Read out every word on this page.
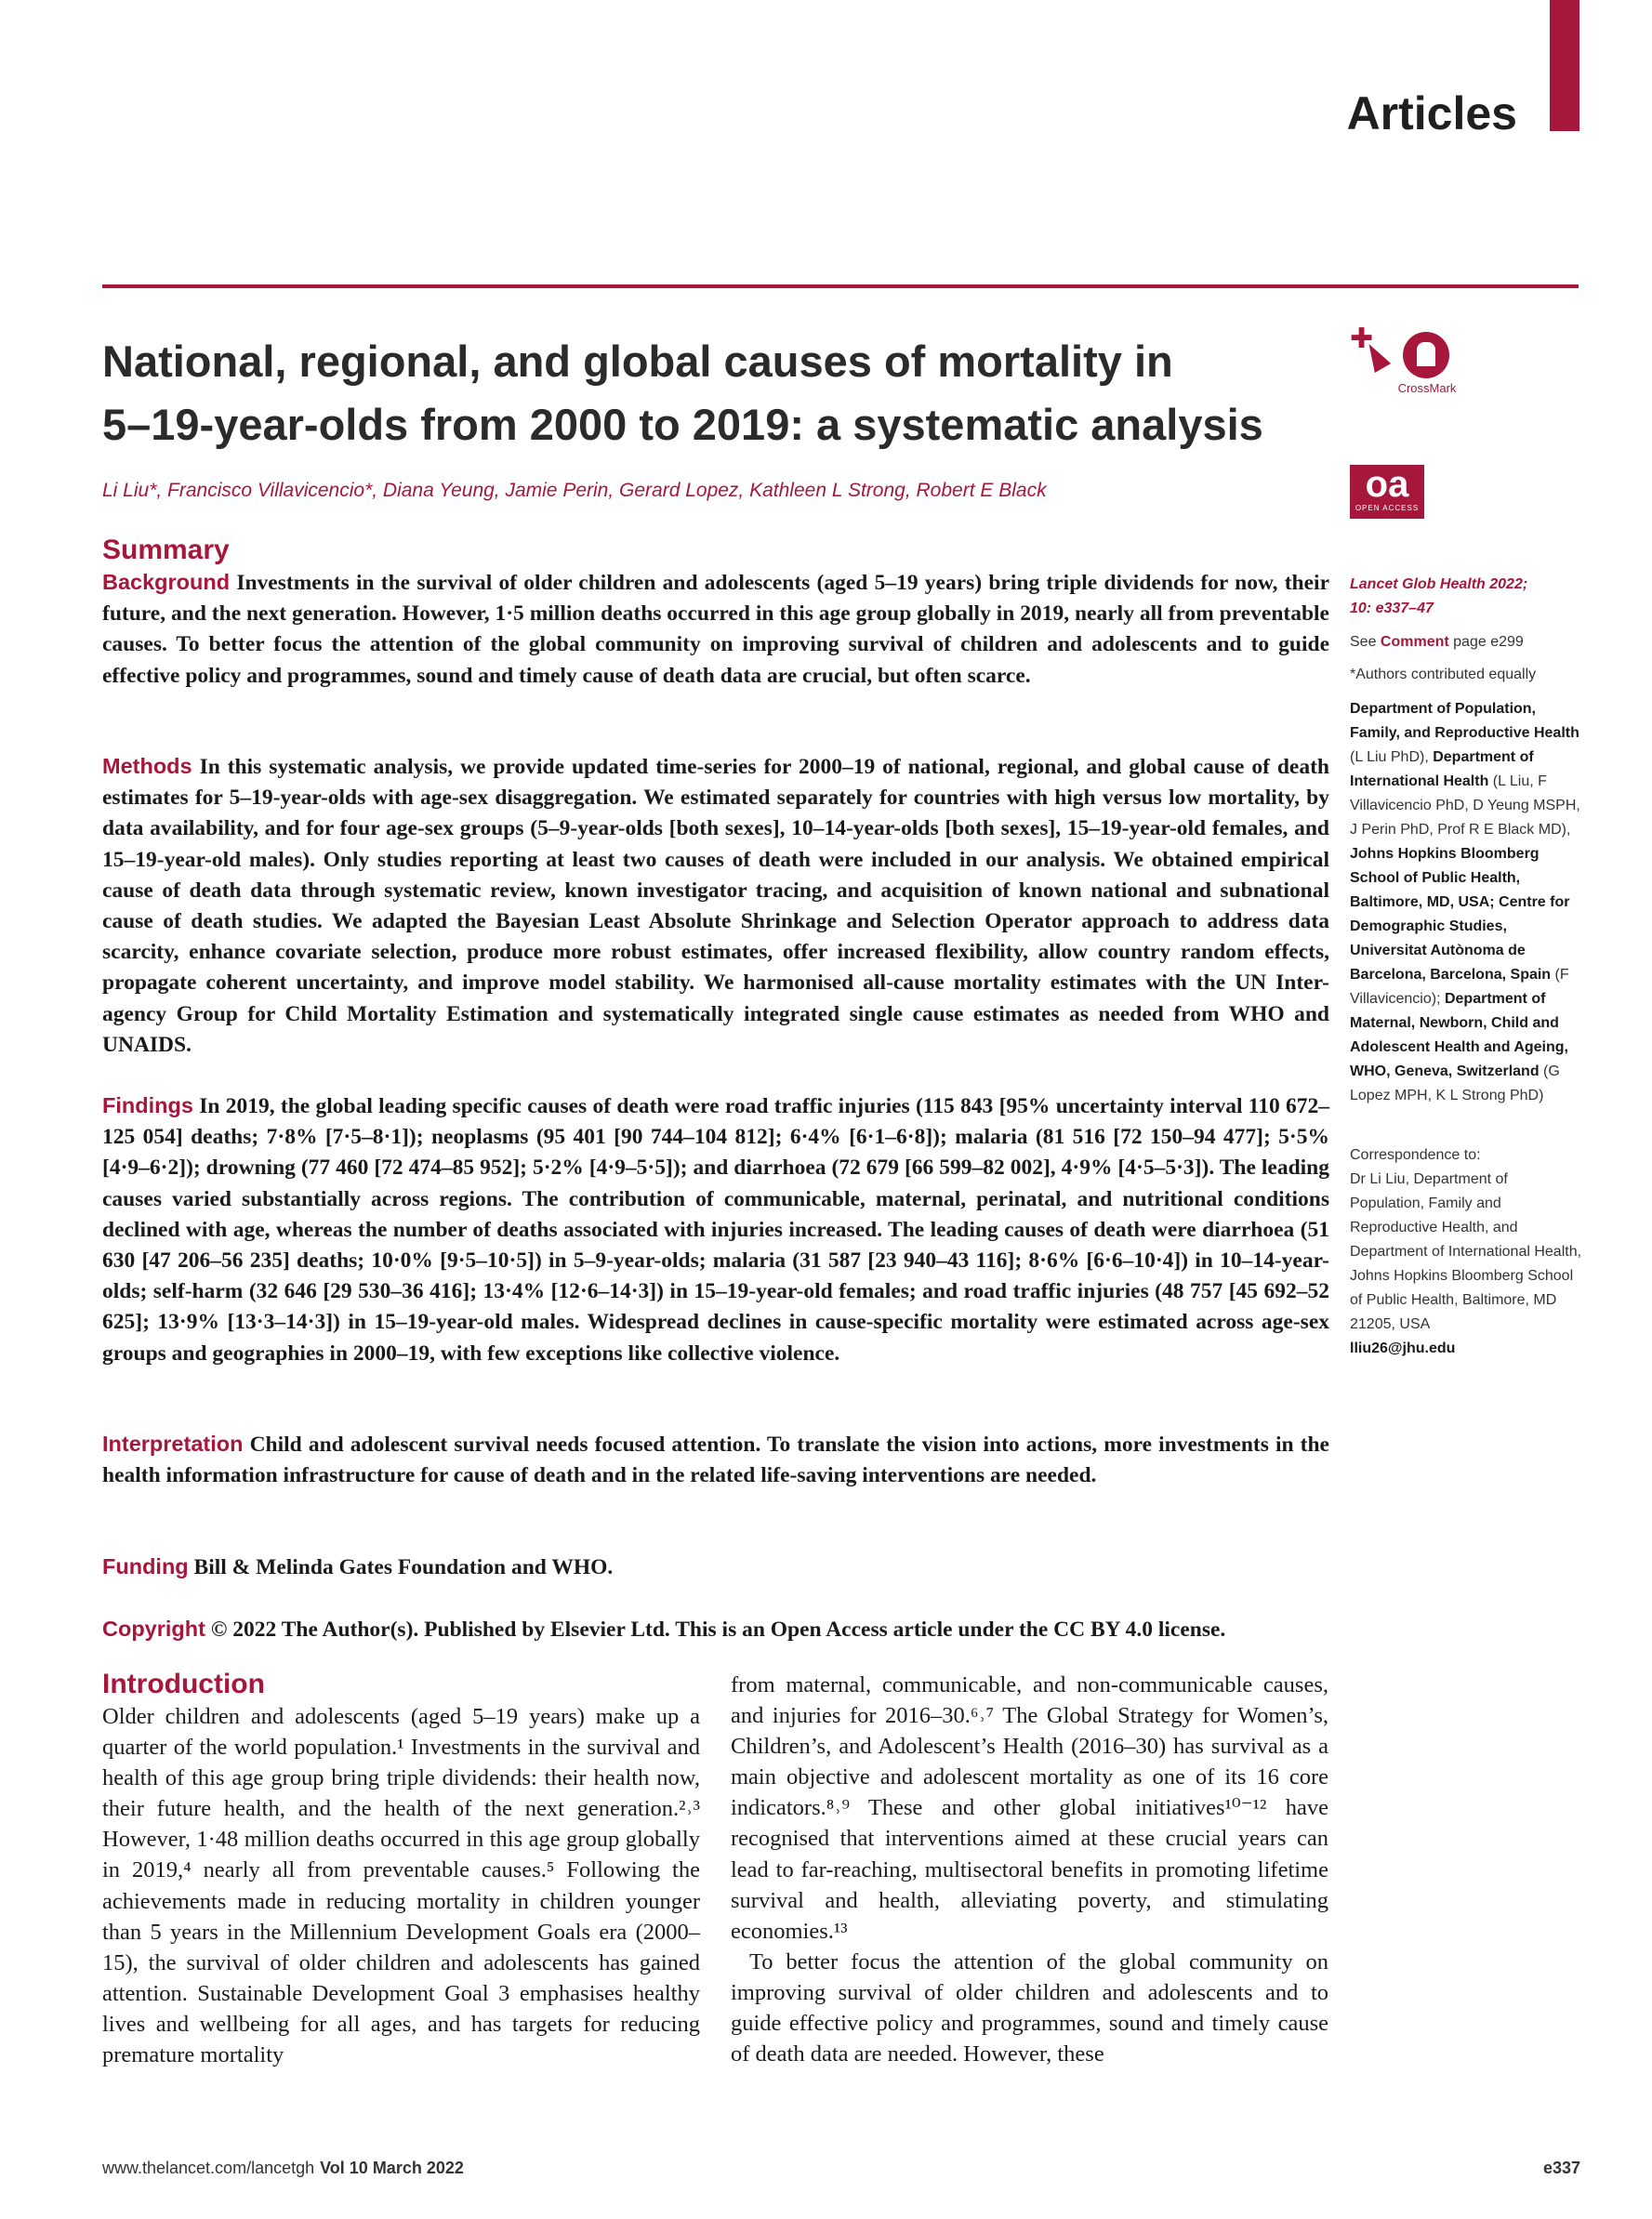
Articles
National, regional, and global causes of mortality in
5–19-year-olds from 2000 to 2019: a systematic analysis
Li Liu*, Francisco Villavicencio*, Diana Yeung, Jamie Perin, Gerard Lopez, Kathleen L Strong, Robert E Black
✚
CrossMark
oa
OPEN ACCESS
Summary

Background Investments in the survival of older children and adolescents (aged 5–19 years) bring triple dividends for now, their future, and the next generation. However, 1·5 million deaths occurred in this age group globally in 2019, nearly all from preventable causes. To better focus the attention of the global community on improving survival of children and adolescents and to guide effective policy and programmes, sound and timely cause of death data are crucial, but often scarce.

Methods In this systematic analysis, we provide updated time-series for 2000–19 of national, regional, and global cause of death estimates for 5–19-year-olds with age-sex disaggregation. We estimated separately for countries with high versus low mortality, by data availability, and for four age-sex groups (5–9-year-olds [both sexes], 10–14-year-olds [both sexes], 15–19-year-old females, and 15–19-year-old males). Only studies reporting at least two causes of death were included in our analysis. We obtained empirical cause of death data through systematic review, known investigator tracing, and acquisition of known national and subnational cause of death studies. We adapted the Bayesian Least Absolute Shrinkage and Selection Operator approach to address data scarcity, enhance covariate selection, produce more robust estimates, offer increased flexibility, allow country random effects, propagate coherent uncertainty, and improve model stability. We harmonised all-cause mortality estimates with the UN Inter-agency Group for Child Mortality Estimation and systematically integrated single cause estimates as needed from WHO and UNAIDS.

Findings In 2019, the global leading specific causes of death were road traffic injuries (115 843 [95% uncertainty interval 110 672–125 054] deaths; 7·8% [7·5–8·1]); neoplasms (95 401 [90 744–104 812]; 6·4% [6·1–6·8]); malaria (81 516 [72 150–94 477]; 5·5% [4·9–6·2]); drowning (77 460 [72 474–85 952]; 5·2% [4·9–5·5]); and diarrhoea (72 679 [66 599–82 002], 4·9% [4·5–5·3]). The leading causes varied substantially across regions. The contribution of communicable, maternal, perinatal, and nutritional conditions declined with age, whereas the number of deaths associated with injuries increased. The leading causes of death were diarrhoea (51 630 [47 206–56 235] deaths; 10·0% [9·5–10·5]) in 5–9-year-olds; malaria (31 587 [23 940–43 116]; 8·6% [6·6–10·4]) in 10–14-year-olds; self-harm (32 646 [29 530–36 416]; 13·4% [12·6–14·3]) in 15–19-year-old females; and road traffic injuries (48 757 [45 692–52 625]; 13·9% [13·3–14·3]) in 15–19-year-old males. Widespread declines in cause-specific mortality were estimated across age-sex groups and geographies in 2000–19, with few exceptions like collective violence.

Interpretation Child and adolescent survival needs focused attention. To translate the vision into actions, more investments in the health information infrastructure for cause of death and in the related life-saving interventions are needed.

Funding Bill & Melinda Gates Foundation and WHO.

Copyright © 2022 The Author(s). Published by Elsevier Ltd. This is an Open Access article under the CC BY 4.0 license.

Lancet Glob Health 2022;
10: e337–47
See Comment page e299
*Authors contributed equally
Department of Population, Family, and Reproductive Health (L Liu PhD), Department of International Health (L Liu, F Villavicencio PhD, D Yeung MSPH, J Perin PhD, Prof R E Black MD), Johns Hopkins Bloomberg School of Public Health, Baltimore, MD, USA; Centre for Demographic Studies, Universitat Autònoma de Barcelona, Barcelona, Spain (F Villavicencio); Department of Maternal, Newborn, Child and Adolescent Health and Ageing, WHO, Geneva, Switzerland (G Lopez MPH, K L Strong PhD)
Correspondence to:
Dr Li Liu, Department of Population, Family and Reproductive Health, and Department of International Health, Johns Hopkins Bloomberg School of Public Health, Baltimore, MD 21205, USA
lliu26@jhu.edu
Introduction

Older children and adolescents (aged 5–19 years) make up a quarter of the world population.¹ Investments in the survival and health of this age group bring triple dividends: their health now, their future health, and the health of the next generation.²˒³ However, 1·48 million deaths occurred in this age group globally in 2019,⁴ nearly all from preventable causes.⁵ Following the achievements made in reducing mortality in children younger than 5 years in the Millennium Development Goals era (2000–15), the survival of older children and adolescents has gained attention. Sustainable Development Goal 3 emphasises healthy lives and wellbeing for all ages, and has targets for reducing premature mortality

from maternal, communicable, and non-communicable causes, and injuries for 2016–30.⁶˒⁷ The Global Strategy for Women’s, Children’s, and Adolescent’s Health (2016–30) has survival as a main objective and adolescent mortality as one of its 16 core indicators.⁸˒⁹ These and other global initiatives¹⁰⁻¹² have recognised that interventions aimed at these crucial years can lead to far-reaching, multisectoral benefits in promoting lifetime survival and health, alleviating poverty, and stimulating economies.¹³

To better focus the attention of the global community on improving survival of older children and adolescents and to guide effective policy and programmes, sound and timely cause of death data are needed. However, these

www.thelancet.com/lancetgh Vol 10 March 2022	e337
